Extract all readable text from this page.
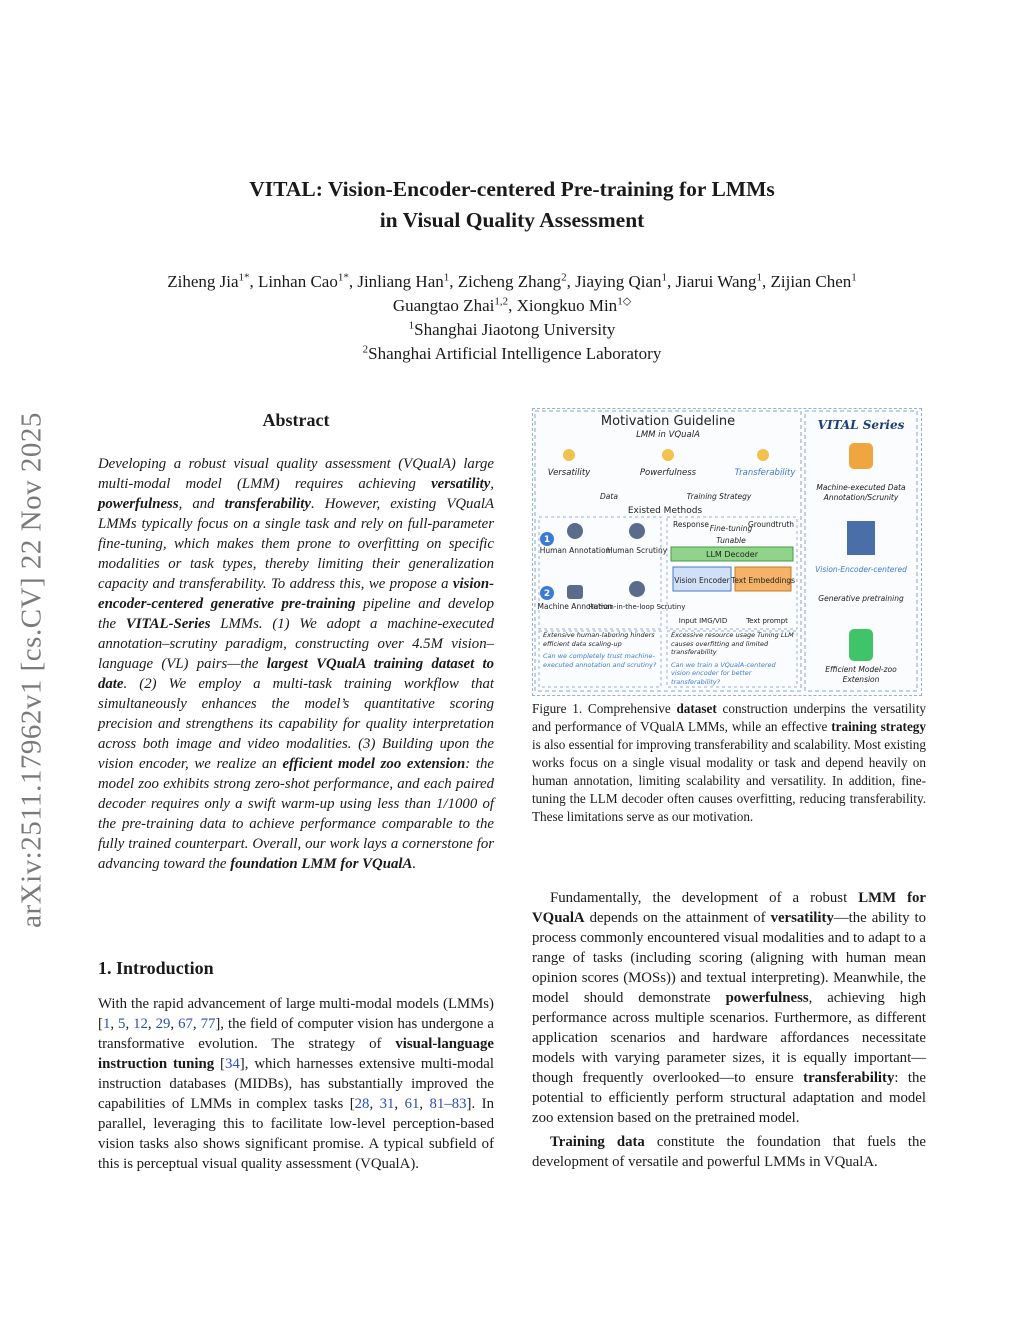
arXiv:2511.17962v1 [cs.CV] 22 Nov 2025
VITAL: Vision-Encoder-centered Pre-training for LMMs
in Visual Quality Assessment
Ziheng Jia$^{1*}$, Linhan Cao$^{1*}$, Jinliang Han$^1$, Zicheng Zhang$^2$, Jiaying Qian$^1$, Jiarui Wang$^1$, Zijian Chen$^1$
Guangtao Zhai$^{1,2}$, Xiongkuo Min$^{1◇}$
$^1$Shanghai Jiaotong University
$^2$Shanghai Artificial Intelligence Laboratory
Abstract
Developing a robust visual quality assessment (VQualA) large multi-modal model (LMM) requires achieving versatility, powerfulness, and transferability. However, existing VQualA LMMs typically focus on a single task and rely on full-parameter fine-tuning, which makes them prone to overfitting on specific modalities or task types, thereby limiting their generalization capacity and transferability. To address this, we propose a vision-encoder-centered generative pre-training pipeline and develop the VITAL-Series LMMs. (1) We adopt a machine-executed annotation–scrutiny paradigm, constructing over 4.5M vision–language (VL) pairs—the largest VQualA training dataset to date. (2) We employ a multi-task training workflow that simultaneously enhances the model’s quantitative scoring precision and strengthens its capability for quality interpretation across both image and video modalities. (3) Building upon the vision encoder, we realize an efficient model zoo extension: the model zoo exhibits strong zero-shot performance, and each paired decoder requires only a swift warm-up using less than 1/1000 of the pre-training data to achieve performance comparable to the fully trained counterpart. Overall, our work lays a cornerstone for advancing toward the foundation LMM for VQualA.
1. Introduction
With the rapid advancement of large multi-modal models (LMMs) [1, 5, 12, 29, 67, 77], the field of computer vision has undergone a transformative evolution. The strategy of visual-language instruction tuning [34], which harnesses extensive multi-modal instruction databases (MIDBs), has substantially improved the capabilities of LMMs in complex tasks [28, 31, 61, 81–83]. In parallel, leveraging this to facilitate low-level perception-based vision tasks also shows significant promise. A typical subfield of this is perceptual visual quality assessment (VQualA).
Motivation Guideline
LMM in VQualA
Versatility	Powerfulness	Transferability
Data	Training Strategy
Existed Methods
1
2
Human Annotation
Human Scrutiny
Machine Annotation
Human-in-the-loop Scrutiny
Response	Groundtruth
Fine-tuning
Tunable
LLM Decoder
Vision Encoder Text Embeddings
Input IMG/VID	Text prompt
Extensive human-laboring hinders efficient data scaling-up
Can we completely trust machine-executed annotation and scrutiny?
Excessive resource usage Tuning LLM causes overfitting and limited transferability
Can we train a VQualA-centered vision encoder for better transferability?
VITAL Series
Machine-executed Data Annotation/Scrunity
Vision-Encoder-centered
Generative pretraining
Efficient Model-zoo Extension
Figure 1. Comprehensive dataset construction underpins the versatility and performance of VQualA LMMs, while an effective training strategy is also essential for improving transferability and scalability. Most existing works focus on a single visual modality or task and depend heavily on human annotation, limiting scalability and versatility. In addition, fine-tuning the LLM decoder often causes overfitting, reducing transferability. These limitations serve as our motivation.

Fundamentally, the development of a robust LMM for VQualA depends on the attainment of versatility—the ability to process commonly encountered visual modalities and to adapt to a range of tasks (including scoring (aligning with human mean opinion scores (MOSs)) and textual interpreting). Meanwhile, the model should demonstrate powerfulness, achieving high performance across multiple scenarios. Furthermore, as different application scenarios and hardware affordances necessitate models with varying parameter sizes, it is equally important—though frequently overlooked—to ensure transferability: the potential to efficiently perform structural adaptation and model zoo extension based on the pretrained model.

Training data constitute the foundation that fuels the development of versatile and powerful LMMs in VQualA.
